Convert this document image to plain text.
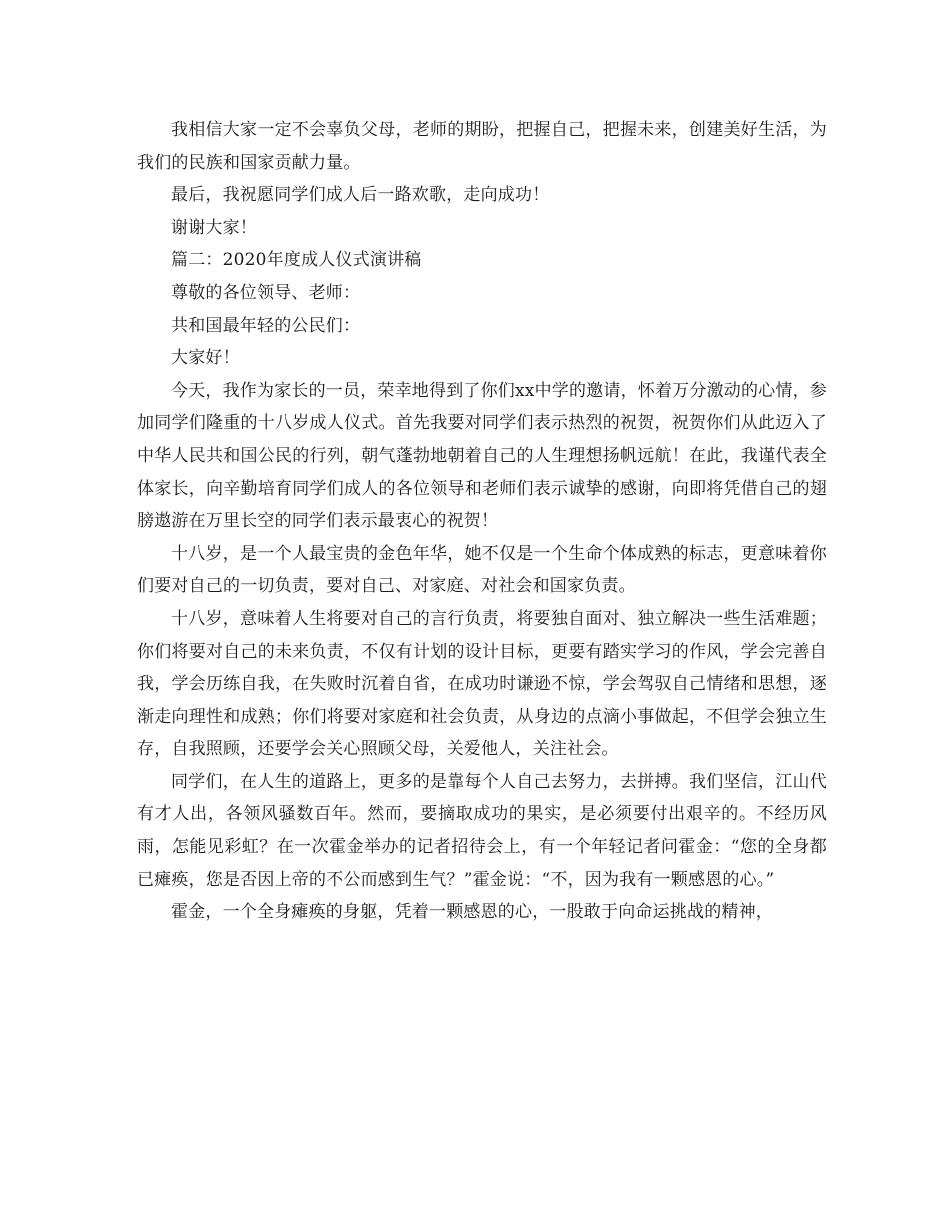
我相信大家一定不会辜负父母，老师的期盼，把握自己，把握未来，创建美好生活，为我们的民族和国家贡献力量。

最后，我祝愿同学们成人后一路欢歌，走向成功！

谢谢大家！

篇二：2020年度成人仪式演讲稿

尊敬的各位领导、老师：

共和国最年轻的公民们：

大家好！

今天，我作为家长的一员，荣幸地得到了你们xx中学的邀请，怀着万分激动的心情，参加同学们隆重的十八岁成人仪式。首先我要对同学们表示热烈的祝贺，祝贺你们从此迈入了中华人民共和国公民的行列，朝气蓬勃地朝着自己的人生理想扬帆远航！在此，我谨代表全体家长，向辛勤培育同学们成人的各位领导和老师们表示诚挚的感谢，向即将凭借自己的翅膀遨游在万里长空的同学们表示最衷心的祝贺！

十八岁，是一个人最宝贵的金色年华，她不仅是一个生命个体成熟的标志，更意味着你们要对自己的一切负责，要对自己、对家庭、对社会和国家负责。

十八岁，意味着人生将要对自己的言行负责，将要独自面对、独立解决一些生活难题；你们将要对自己的未来负责，不仅有计划的设计目标，更要有踏实学习的作风，学会完善自我，学会历练自我，在失败时沉着自省，在成功时谦逊不惊，学会驾驭自己情绪和思想，逐渐走向理性和成熟；你们将要对家庭和社会负责，从身边的点滴小事做起，不但学会独立生存，自我照顾，还要学会关心照顾父母，关爱他人，关注社会。

同学们，在人生的道路上，更多的是靠每个人自己去努力，去拼搏。我们坚信，江山代有才人出，各领风骚数百年。然而，要摘取成功的果实，是必须要付出艰辛的。不经历风雨，怎能见彩虹？在一次霍金举办的记者招待会上，有一个年轻记者问霍金：“您的全身都已瘫痪，您是否因上帝的不公而感到生气？”霍金说：“不，因为我有一颗感恩的心。”

霍金，一个全身瘫痪的身躯，凭着一颗感恩的心，一股敢于向命运挑战的精神，
